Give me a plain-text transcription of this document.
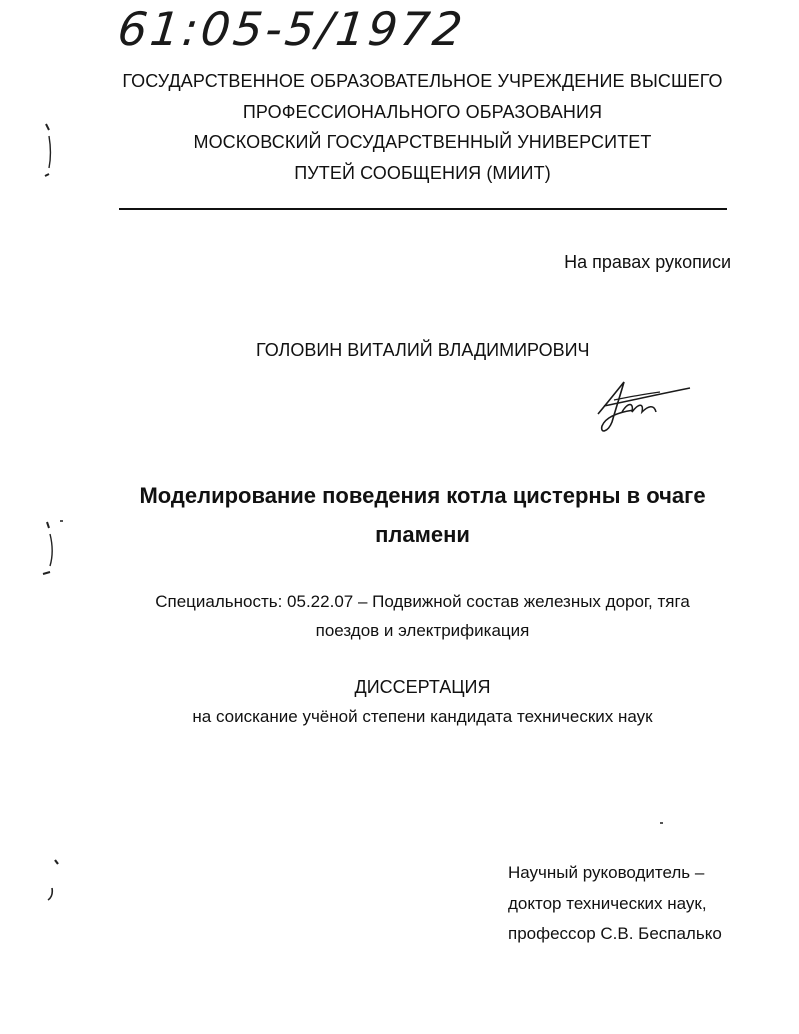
61:05-5/1972
ГОСУДАРСТВЕННОЕ ОБРАЗОВАТЕЛЬНОЕ УЧРЕЖДЕНИЕ ВЫСШЕГО
ПРОФЕССИОНАЛЬНОГО ОБРАЗОВАНИЯ
МОСКОВСКИЙ ГОСУДАРСТВЕННЫЙ УНИВЕРСИТЕТ
ПУТЕЙ СООБЩЕНИЯ (МИИТ)
На правах рукописи
ГОЛОВИН ВИТАЛИЙ ВЛАДИМИРОВИЧ
Моделирование поведения котла цистерны в очаге
пламени
Специальность: 05.22.07 – Подвижной состав железных дорог, тяга
поездов и электрификация
ДИССЕРТАЦИЯ
на соискание учёной степени кандидата технических наук
Научный руководитель –
доктор технических наук,
профессор С.В. Беспалько
